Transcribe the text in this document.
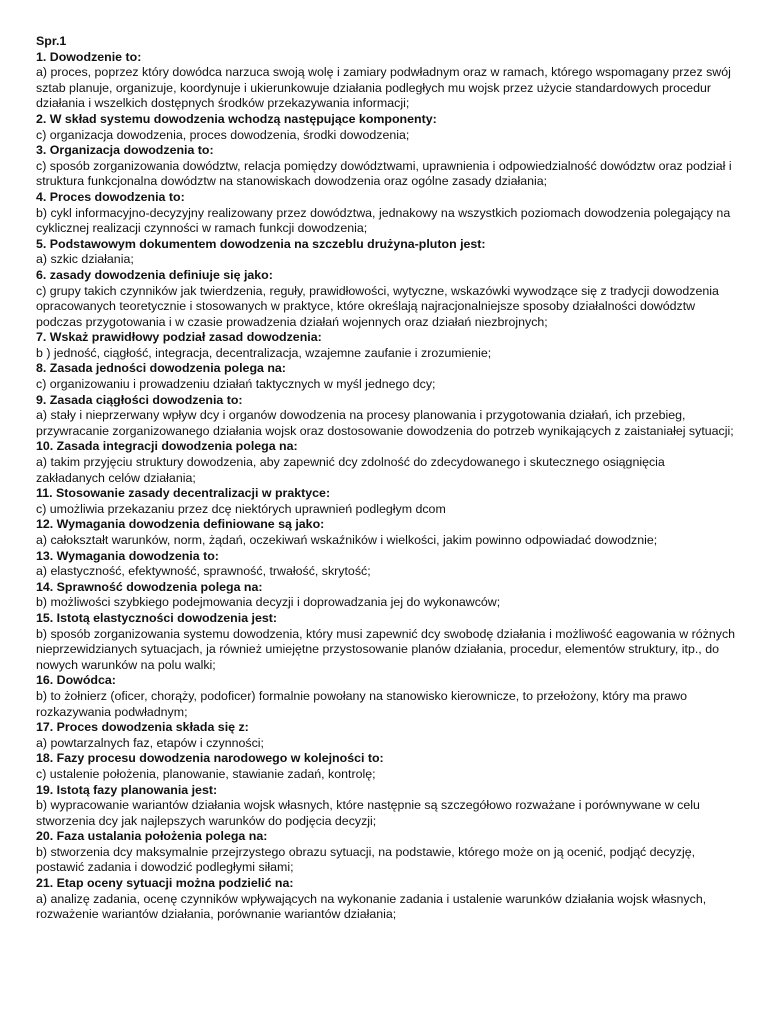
Spr.1

1. Dowodzenie to:

a) proces, poprzez który dowódca narzuca swoją wolę i zamiary podwładnym oraz w ramach, którego wspomagany przez swój sztab planuje, organizuje, koordynuje i ukierunkowuje działania podległych mu wojsk przez użycie standardowych procedur działania i wszelkich dostępnych środków przekazywania informacji;

2. W skład systemu dowodzenia wchodzą następujące komponenty:

c) organizacja dowodzenia, proces dowodzenia, środki dowodzenia;

3. Organizacja dowodzenia to:

c) sposób zorganizowania dowództw, relacja pomiędzy dowództwami, uprawnienia i odpowiedzialność dowództw oraz podział i struktura funkcjonalna dowództw na stanowiskach dowodzenia oraz ogólne zasady działania;

4. Proces dowodzenia to:

b) cykl informacyjno-decyzyjny realizowany przez dowództwa, jednakowy na wszystkich poziomach dowodzenia polegający na cyklicznej realizacji czynności w ramach funkcji dowodzenia;

5. Podstawowym dokumentem dowodzenia na szczeblu drużyna-pluton jest:

a) szkic działania;

6. zasady dowodzenia definiuje się jako:

c) grupy takich czynników jak twierdzenia, reguły, prawidłowości, wytyczne, wskazówki wywodzące się z tradycji dowodzenia opracowanych teoretycznie i stosowanych w praktyce, które określają najracjonalniejsze sposoby działalności dowództw podczas przygotowania i w czasie prowadzenia działań wojennych oraz działań niezbrojnych;

7. Wskaż prawidłowy podział zasad dowodzenia:

b ) jedność, ciągłość, integracja, decentralizacja, wzajemne zaufanie i zrozumienie;

8. Zasada jedności dowodzenia polega na:

c) organizowaniu i prowadzeniu działań taktycznych w myśl jednego dcy;

9. Zasada ciągłości dowodzenia to:

a) stały i nieprzerwany wpływ dcy i organów dowodzenia na procesy planowania i przygotowania działań, ich przebieg, przywracanie zorganizowanego działania wojsk oraz dostosowanie dowodzenia do potrzeb wynikających z zaistaniałej sytuacji;

10. Zasada integracji dowodzenia polega na:

a) takim przyjęciu struktury dowodzenia, aby zapewnić dcy zdolność do zdecydowanego i skutecznego osiągnięcia zakładanych celów działania;

11. Stosowanie zasady decentralizacji w praktyce:

c) umożliwia przekazaniu przez dcę niektórych uprawnień podległym dcom

12. Wymagania dowodzenia definiowane są jako:

a) całokształt warunków, norm, żądań, oczekiwań wskaźników i wielkości, jakim powinno odpowiadać dowodznie;

13. Wymagania dowodzenia to:

a) elastyczność, efektywność, sprawność, trwałość, skrytość;

14. Sprawność dowodzenia polega na:

b) możliwości szybkiego podejmowania decyzji i doprowadzania jej do wykonawców;

15. Istotą elastyczności dowodzenia jest:

b) sposób zorganizowania systemu dowodzenia, który musi zapewnić dcy swobodę działania i możliwość eagowania w różnych nieprzewidzianych sytuacjach, ja również umiejętne przystosowanie planów działania, procedur, elementów struktury, itp., do nowych warunków na polu walki;

16. Dowódca:

b) to żołnierz (oficer, chorąży, podoficer) formalnie powołany na stanowisko kierownicze, to przełożony, który ma prawo rozkazywania podwładnym;

17. Proces dowodzenia składa się z:

a) powtarzalnych faz, etapów i czynności;

18. Fazy procesu dowodzenia narodowego w kolejności to:

c) ustalenie położenia, planowanie, stawianie zadań, kontrolę;

19. Istotą fazy planowania jest:

b) wypracowanie wariantów działania wojsk własnych, które następnie są szczegółowo rozważane i porównywane w celu stworzenia dcy jak najlepszych warunków do podjęcia decyzji;

20. Faza ustalania położenia polega na:

b) stworzenia dcy maksymalnie przejrzystego obrazu sytuacji, na podstawie, którego może on ją ocenić, podjąć decyzję, postawić zadania i dowodzić podległymi siłami;

21. Etap oceny sytuacji można podzielić na:

a) analizę zadania, ocenę czynników wpływających na wykonanie zadania i ustalenie warunków działania wojsk własnych, rozważenie wariantów działania, porównanie wariantów działania;
